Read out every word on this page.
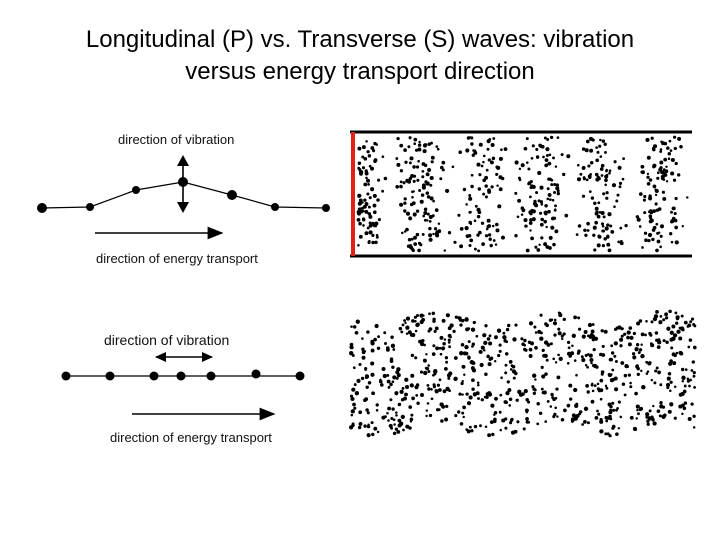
Longitudinal (P) vs. Transverse (S) waves: vibration
versus energy transport direction
direction of vibration
direction of energy transport
direction of vibration
direction of energy transport
